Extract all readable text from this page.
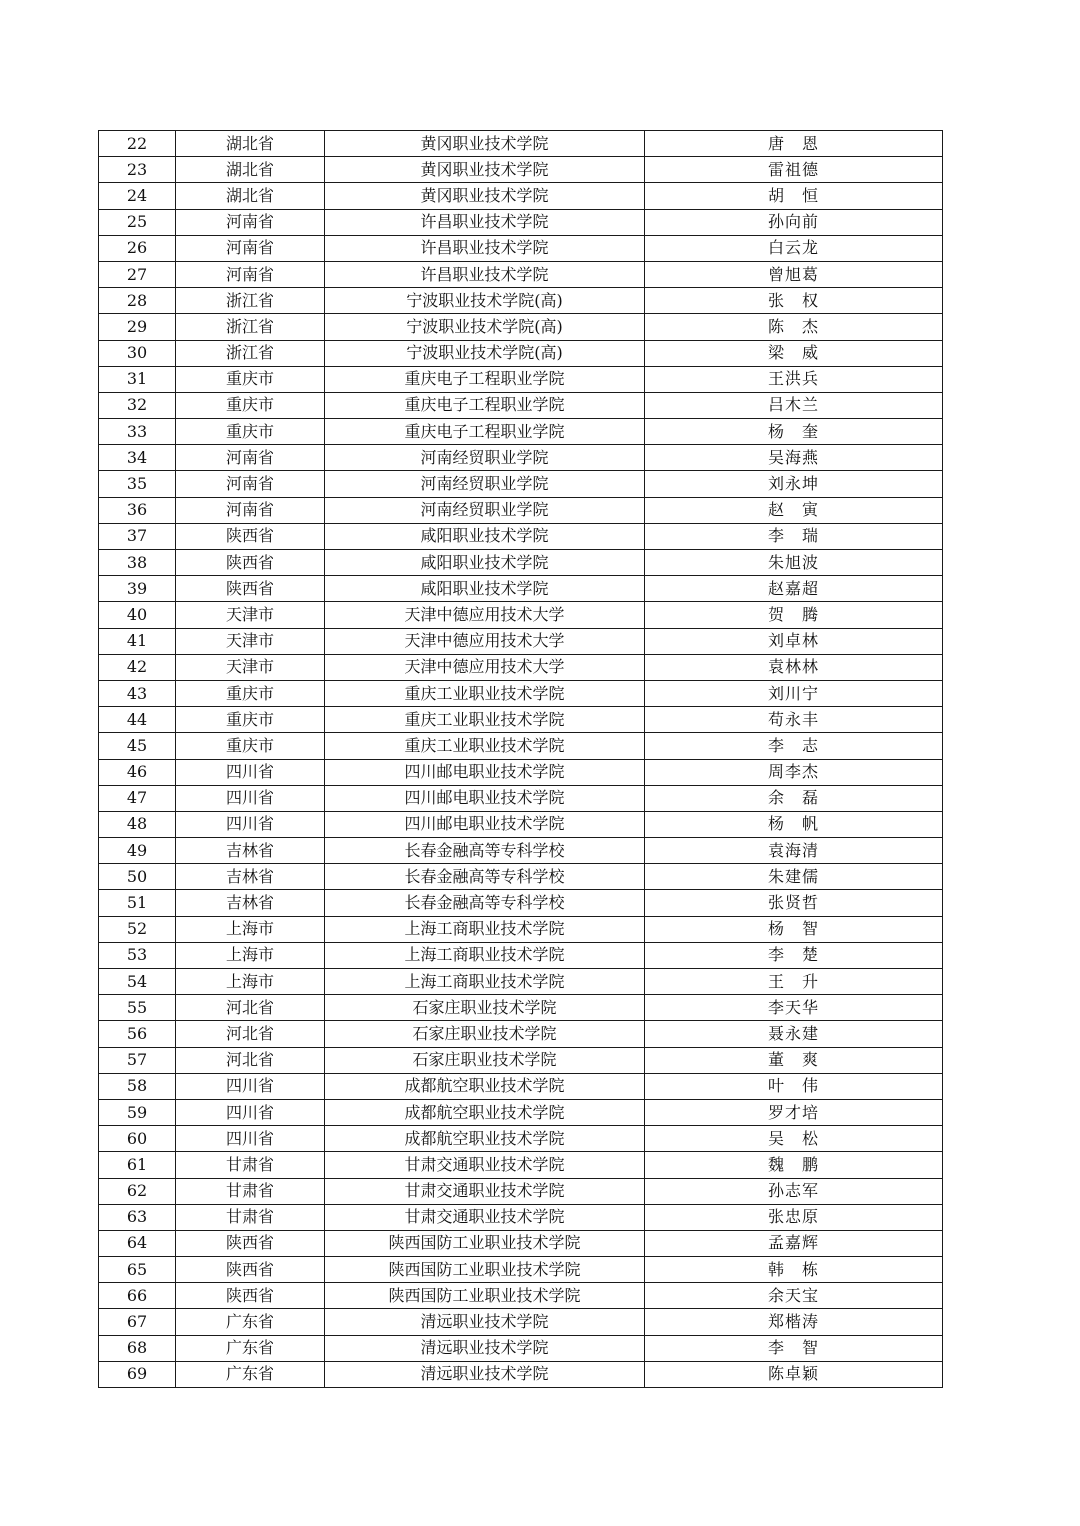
22	湖北省	黄冈职业技术学院	唐　恩
23	湖北省	黄冈职业技术学院	雷祖德
24	湖北省	黄冈职业技术学院	胡　恒
25	河南省	许昌职业技术学院	孙向前
26	河南省	许昌职业技术学院	白云龙
27	河南省	许昌职业技术学院	曾旭葛
28	浙江省	宁波职业技术学院(高)	张　权
29	浙江省	宁波职业技术学院(高)	陈　杰
30	浙江省	宁波职业技术学院(高)	梁　威
31	重庆市	重庆电子工程职业学院	王洪兵
32	重庆市	重庆电子工程职业学院	吕木兰
33	重庆市	重庆电子工程职业学院	杨　奎
34	河南省	河南经贸职业学院	吴海燕
35	河南省	河南经贸职业学院	刘永坤
36	河南省	河南经贸职业学院	赵　寅
37	陕西省	咸阳职业技术学院	李　瑞
38	陕西省	咸阳职业技术学院	朱旭波
39	陕西省	咸阳职业技术学院	赵嘉超
40	天津市	天津中德应用技术大学	贺　腾
41	天津市	天津中德应用技术大学	刘卓林
42	天津市	天津中德应用技术大学	袁林林
43	重庆市	重庆工业职业技术学院	刘川宁
44	重庆市	重庆工业职业技术学院	苟永丰
45	重庆市	重庆工业职业技术学院	李　志
46	四川省	四川邮电职业技术学院	周李杰
47	四川省	四川邮电职业技术学院	余　磊
48	四川省	四川邮电职业技术学院	杨　帆
49	吉林省	长春金融高等专科学校	袁海清
50	吉林省	长春金融高等专科学校	朱建儒
51	吉林省	长春金融高等专科学校	张贤哲
52	上海市	上海工商职业技术学院	杨　智
53	上海市	上海工商职业技术学院	李　楚
54	上海市	上海工商职业技术学院	王　升
55	河北省	石家庄职业技术学院	李天华
56	河北省	石家庄职业技术学院	聂永建
57	河北省	石家庄职业技术学院	董　爽
58	四川省	成都航空职业技术学院	叶　伟
59	四川省	成都航空职业技术学院	罗才培
60	四川省	成都航空职业技术学院	吴　松
61	甘肃省	甘肃交通职业技术学院	魏　鹏
62	甘肃省	甘肃交通职业技术学院	孙志军
63	甘肃省	甘肃交通职业技术学院	张忠原
64	陕西省	陕西国防工业职业技术学院	孟嘉辉
65	陕西省	陕西国防工业职业技术学院	韩　栋
66	陕西省	陕西国防工业职业技术学院	余天宝
67	广东省	清远职业技术学院	郑楷涛
68	广东省	清远职业技术学院	李　智
69	广东省	清远职业技术学院	陈卓颖
